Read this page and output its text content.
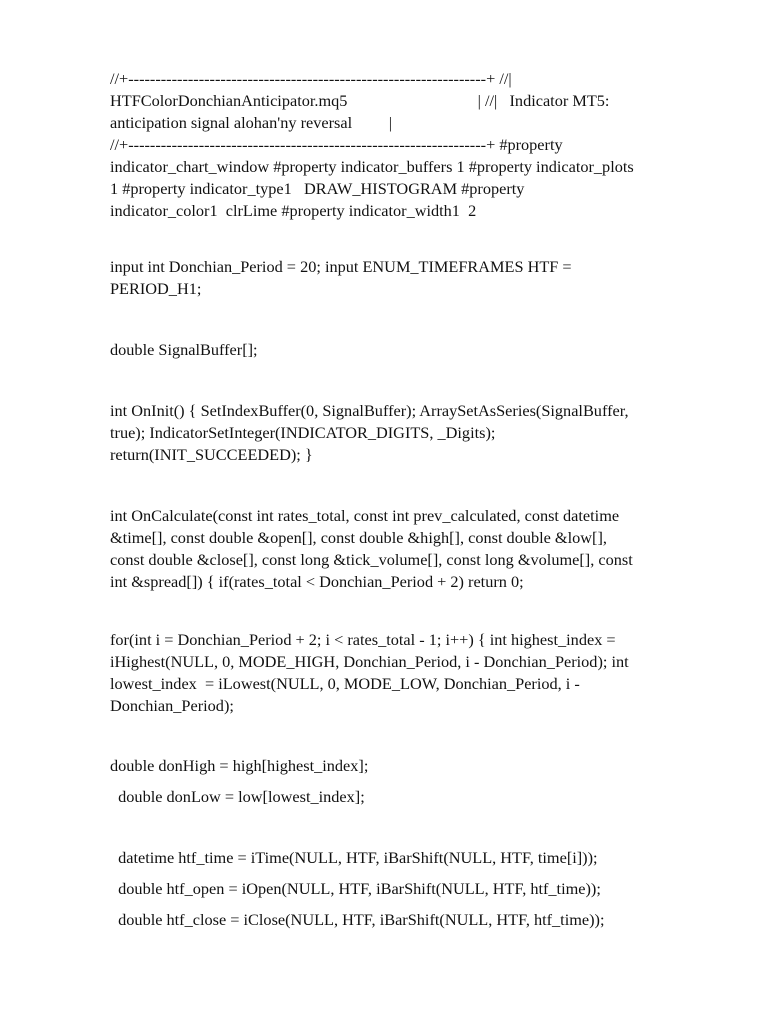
//+------------------------------------------------------------------+ //|
HTFColorDonchianAnticipator.mq5                                | //|   Indicator MT5:
anticipation signal alohan'ny reversal         |
//+------------------------------------------------------------------+ #property
indicator_chart_window #property indicator_buffers 1 #property indicator_plots
1 #property indicator_type1   DRAW_HISTOGRAM #property
indicator_color1  clrLime #property indicator_width1  2

input int Donchian_Period = 20; input ENUM_TIMEFRAMES HTF =
PERIOD_H1;

double SignalBuffer[];

int OnInit() { SetIndexBuffer(0, SignalBuffer); ArraySetAsSeries(SignalBuffer,
true); IndicatorSetInteger(INDICATOR_DIGITS, _Digits);
return(INIT_SUCCEEDED); }

int OnCalculate(const int rates_total, const int prev_calculated, const datetime
&time[], const double &open[], const double &high[], const double &low[],
const double &close[], const long &tick_volume[], const long &volume[], const
int &spread[]) { if(rates_total < Donchian_Period + 2) return 0;

for(int i = Donchian_Period + 2; i < rates_total - 1; i++) { int highest_index =
iHighest(NULL, 0, MODE_HIGH, Donchian_Period, i - Donchian_Period); int
lowest_index  = iLowest(NULL, 0, MODE_LOW, Donchian_Period, i -
Donchian_Period);

double donHigh = high[highest_index];

double donLow = low[lowest_index];

datetime htf_time = iTime(NULL, HTF, iBarShift(NULL, HTF, time[i]));

double htf_open = iOpen(NULL, HTF, iBarShift(NULL, HTF, htf_time));

double htf_close = iClose(NULL, HTF, iBarShift(NULL, HTF, htf_time));
